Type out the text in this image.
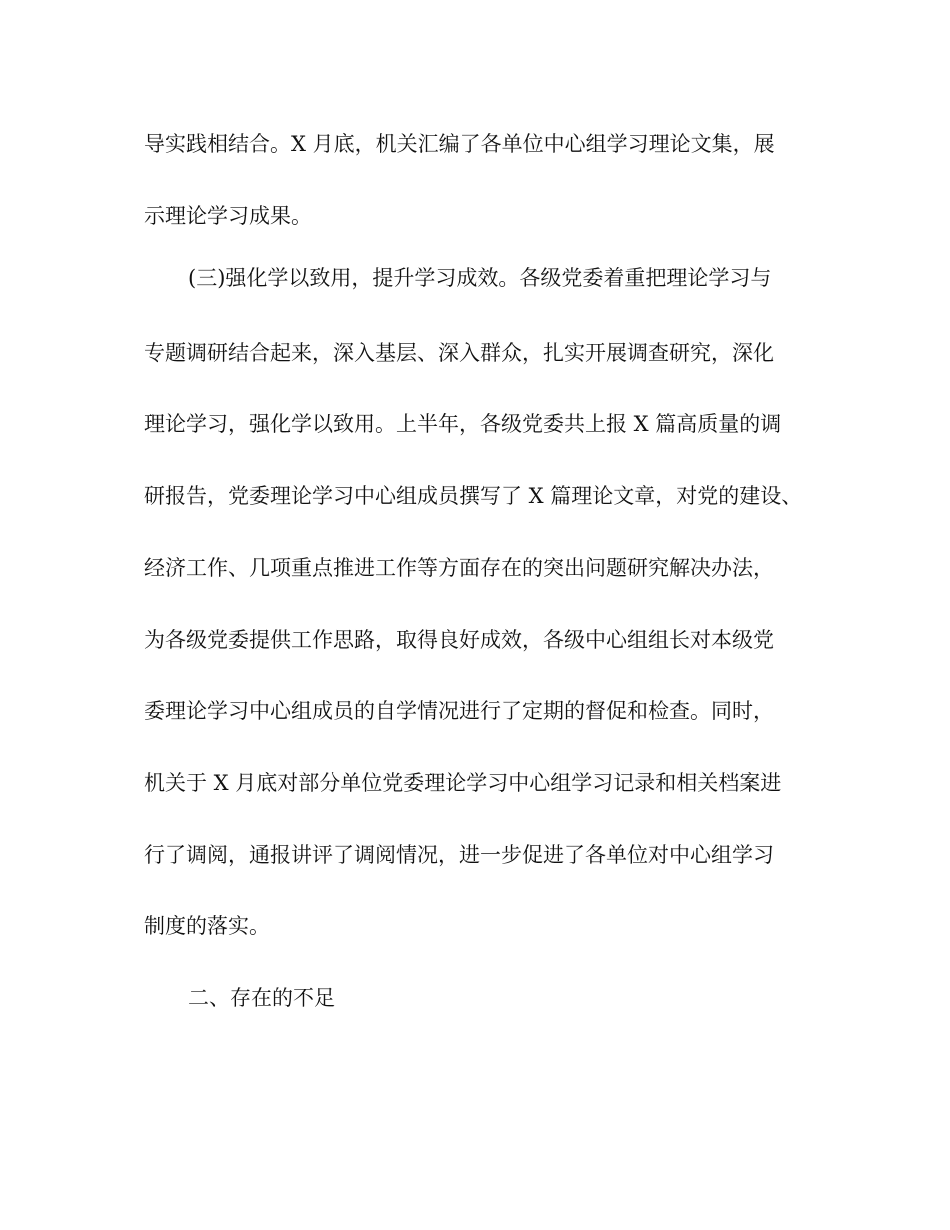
导实践相结合。X 月底，机关汇编了各单位中心组学习理论文集，展
示理论学习成果。
(三)强化学以致用，提升学习成效。各级党委着重把理论学习与
专题调研结合起来，深入基层、深入群众，扎实开展调查研究，深化
理论学习，强化学以致用。上半年，各级党委共上报 X 篇高质量的调
研报告，党委理论学习中心组成员撰写了 X 篇理论文章，对党的建设、
经济工作、几项重点推进工作等方面存在的突出问题研究解决办法，
为各级党委提供工作思路，取得良好成效，各级中心组组长对本级党
委理论学习中心组成员的自学情况进行了定期的督促和检查。同时，
机关于 X 月底对部分单位党委理论学习中心组学习记录和相关档案进
行了调阅，通报讲评了调阅情况，进一步促进了各单位对中心组学习
制度的落实。
二、存在的不足
